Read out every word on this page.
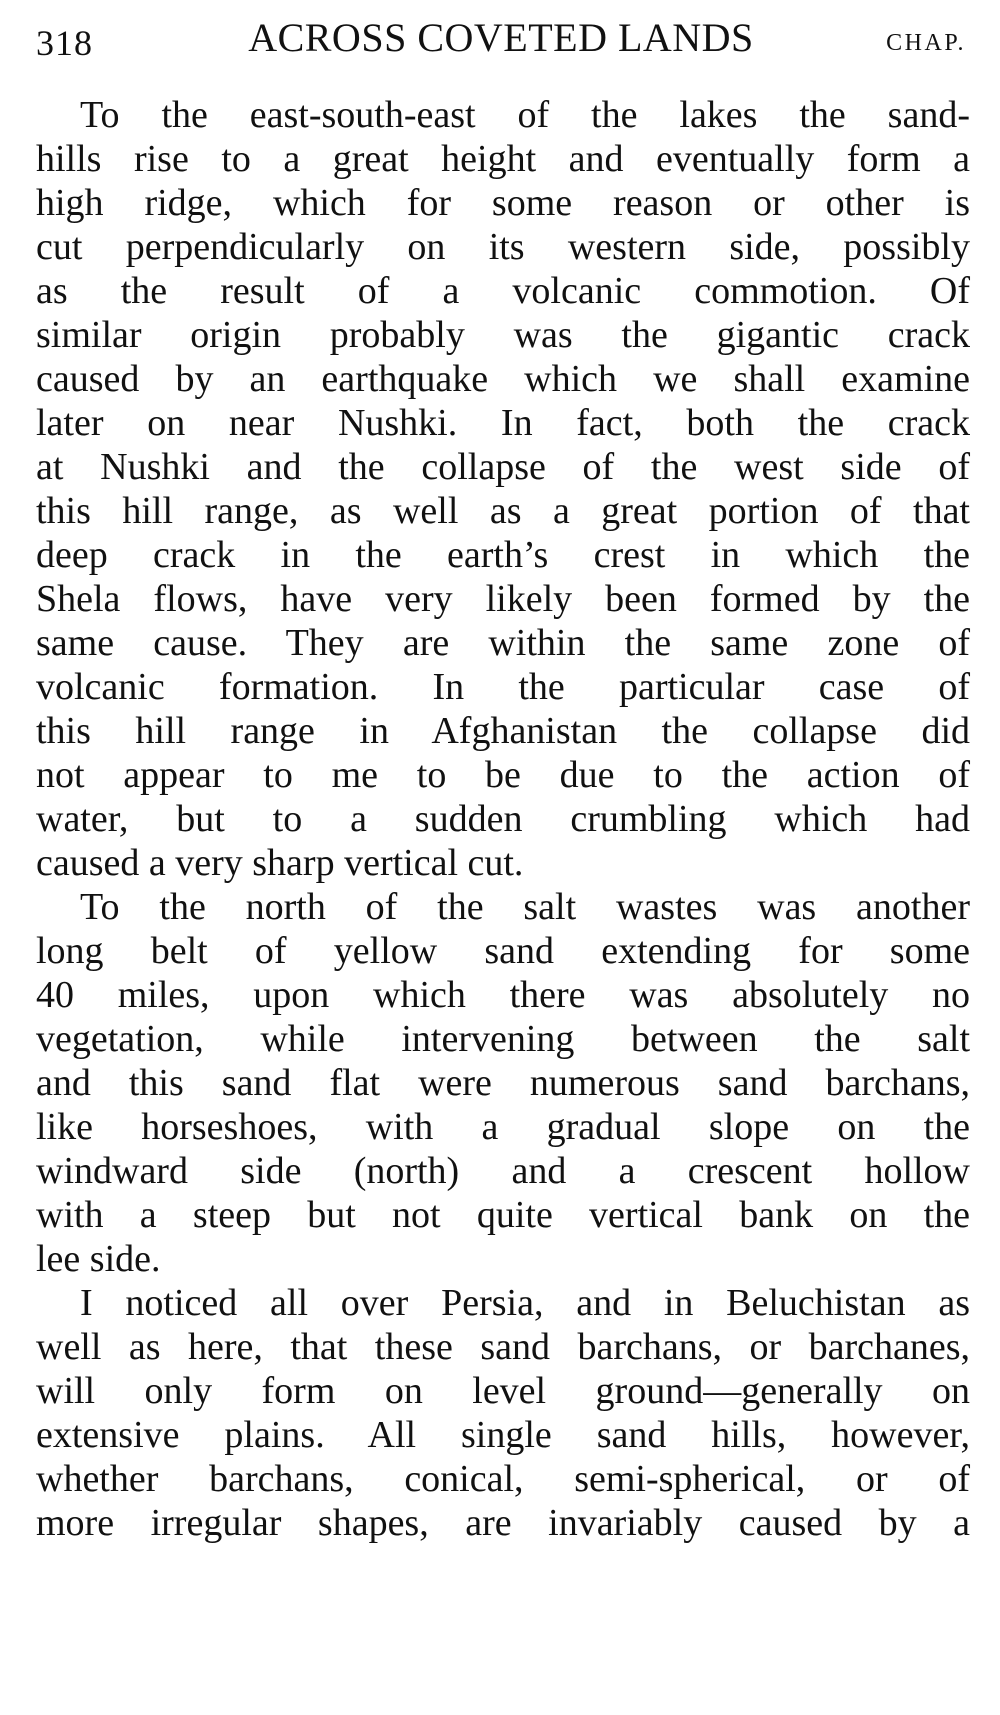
318	ACROSS COVETED LANDS	CHAP.
To the east-south-east of the lakes the sand-
hills rise to a great height and eventually form a
high ridge, which for some reason or other is
cut perpendicularly on its western side, possibly
as the result of a volcanic commotion. Of
similar origin probably was the gigantic crack
caused by an earthquake which we shall examine
later on near Nushki. In fact, both the crack
at Nushki and the collapse of the west side of
this hill range, as well as a great portion of that
deep crack in the earth’s crest in which the
Shela flows, have very likely been formed by the
same cause. They are within the same zone of
volcanic formation. In the particular case of
this hill range in Afghanistan the collapse did
not appear to me to be due to the action of
water, but to a sudden crumbling which had
caused a very sharp vertical cut.
To the north of the salt wastes was another
long belt of yellow sand extending for some
40 miles, upon which there was absolutely no
vegetation, while intervening between the salt
and this sand flat were numerous sand barchans,
like horseshoes, with a gradual slope on the
windward side (north) and a crescent hollow
with a steep but not quite vertical bank on the
lee side.
I noticed all over Persia, and in Beluchistan as
well as here, that these sand barchans, or barchanes,
will only form on level ground—generally on
extensive plains. All single sand hills, however,
whether barchans, conical, semi-spherical, or of
more irregular shapes, are invariably caused by a
